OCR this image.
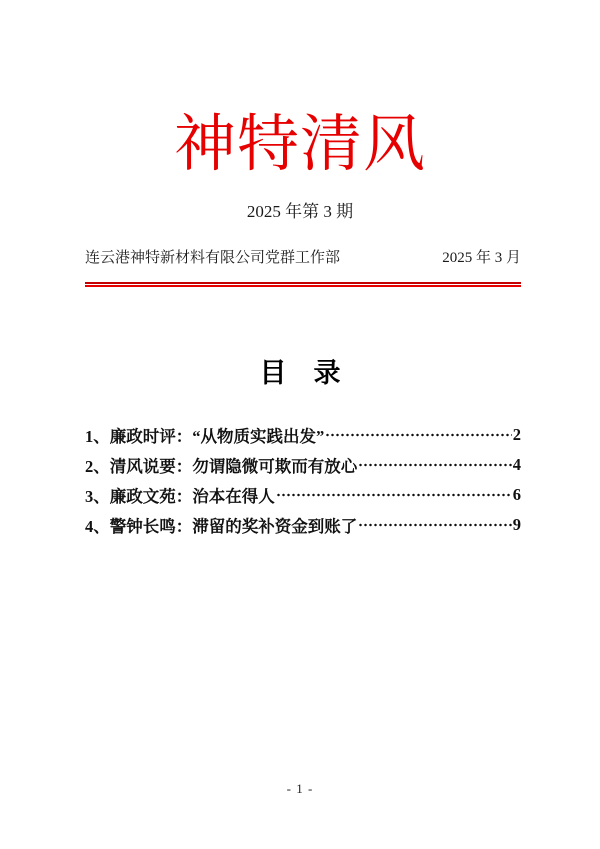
神特清风
2025 年第 3 期
连云港神特新材料有限公司党群工作部	2025 年 3 月
目　录
1、廉政时评：“从物质实践出发”	2
2、清风说要：勿谓隐微可欺而有放心	4
3、廉政文苑：治本在得人	6
4、警钟长鸣：滞留的奖补资金到账了	9
- 1 -
